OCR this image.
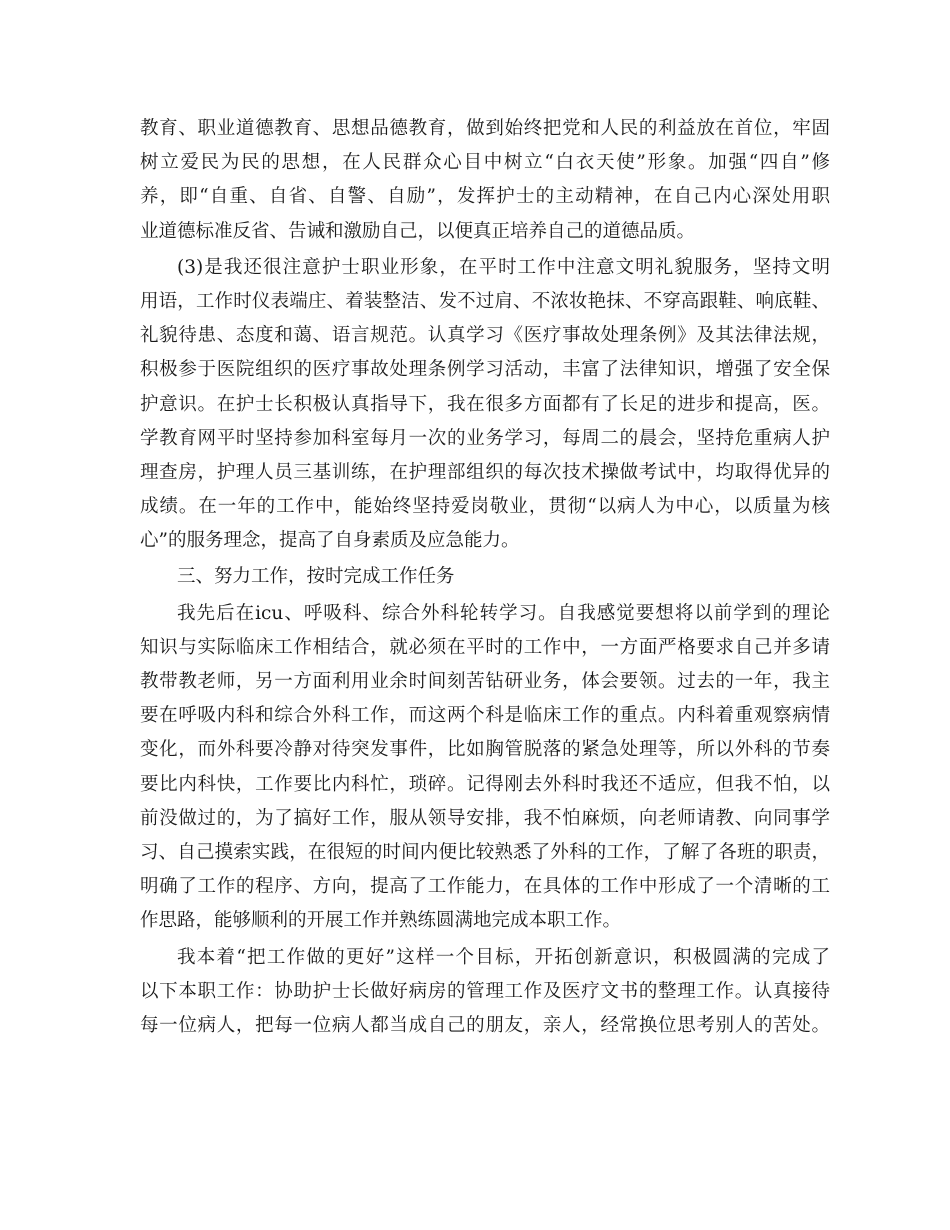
教育、职业道德教育、思想品德教育，做到始终把党和人民的利益放在首位，牢固
树立爱民为民的思想，在人民群众心目中树立“白衣天使”形象。加强“四自”修
养，即“自重、自省、自警、自励”，发挥护士的主动精神，在自己内心深处用职
业道德标准反省、告诫和激励自己，以便真正培养自己的道德品质。
(3)是我还很注意护士职业形象，在平时工作中注意文明礼貌服务，坚持文明
用语，工作时仪表端庄、着装整洁、发不过肩、不浓妆艳抹、不穿高跟鞋、响底鞋、
礼貌待患、态度和蔼、语言规范。认真学习《医疗事故处理条例》及其法律法规，
积极参于医院组织的医疗事故处理条例学习活动，丰富了法律知识，增强了安全保
护意识。在护士长积极认真指导下，我在很多方面都有了长足的进步和提高，医。
学教育网平时坚持参加科室每月一次的业务学习，每周二的晨会，坚持危重病人护
理查房，护理人员三基训练，在护理部组织的每次技术操做考试中，均取得优异的
成绩。在一年的工作中，能始终坚持爱岗敬业，贯彻“以病人为中心，以质量为核
心”的服务理念，提高了自身素质及应急能力。
三、努力工作，按时完成工作任务
我先后在icu、呼吸科、综合外科轮转学习。自我感觉要想将以前学到的理论
知识与实际临床工作相结合，就必须在平时的工作中，一方面严格要求自己并多请
教带教老师，另一方面利用业余时间刻苦钻研业务，体会要领。过去的一年，我主
要在呼吸内科和综合外科工作，而这两个科是临床工作的重点。内科着重观察病情
变化，而外科要冷静对待突发事件，比如胸管脱落的紧急处理等，所以外科的节奏
要比内科快，工作要比内科忙，琐碎。记得刚去外科时我还不适应，但我不怕，以
前没做过的，为了搞好工作，服从领导安排，我不怕麻烦，向老师请教、向同事学
习、自己摸索实践，在很短的时间内便比较熟悉了外科的工作，了解了各班的职责，
明确了工作的程序、方向，提高了工作能力，在具体的工作中形成了一个清晰的工
作思路，能够顺利的开展工作并熟练圆满地完成本职工作。
我本着“把工作做的更好”这样一个目标，开拓创新意识，积极圆满的完成了
以下本职工作：协助护士长做好病房的管理工作及医疗文书的整理工作。认真接待
每一位病人，把每一位病人都当成自己的朋友，亲人，经常换位思考别人的苦处。
